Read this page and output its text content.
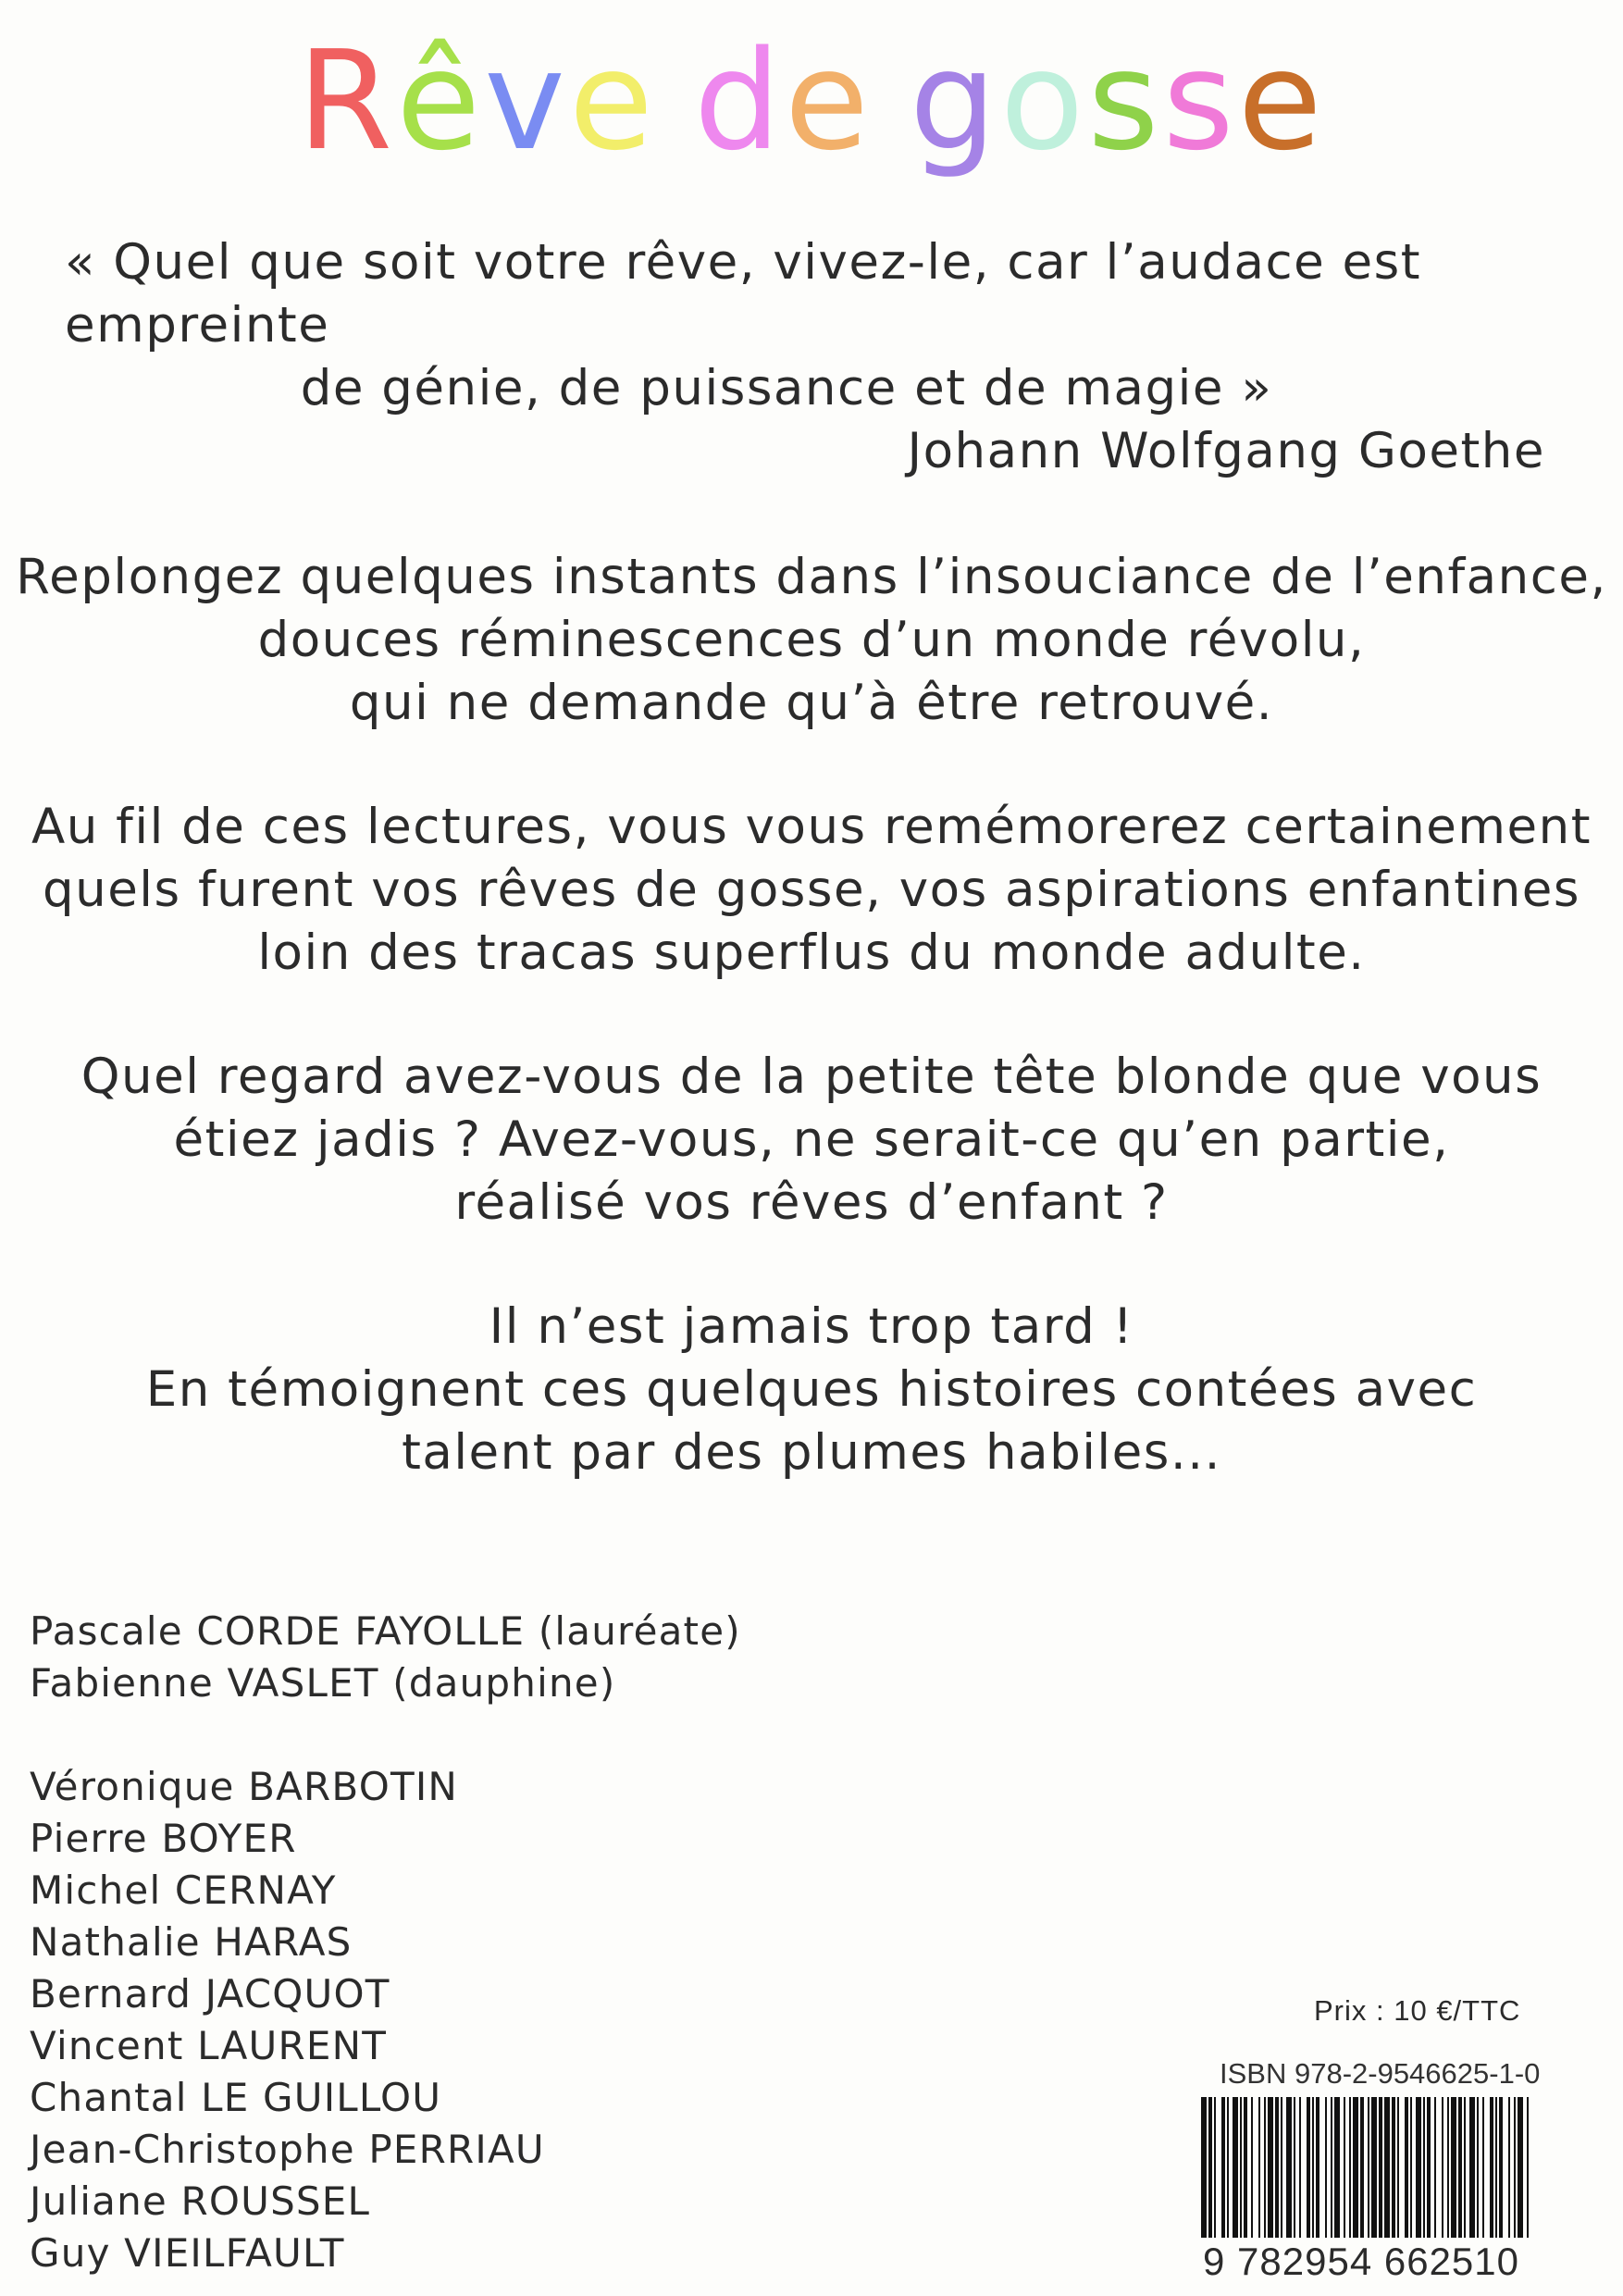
Rêve de gosse
« Quel que soit votre rêve, vivez-le, car l’audace est empreinte
de génie, de puissance et de magie »
Johann Wolfgang Goethe
Replongez quelques instants dans l’insouciance de l’enfance,
douces réminescences d’un monde révolu,
qui ne demande qu’à être retrouvé.
Au fil de ces lectures, vous vous remémorerez certainement
quels furent vos rêves de gosse, vos aspirations enfantines
loin des tracas superflus du monde adulte.
Quel regard avez-vous de la petite tête blonde que vous
étiez jadis ? Avez-vous, ne serait-ce qu’en partie,
réalisé vos rêves d’enfant ?
Il n’est jamais trop tard !
En témoignent ces quelques histoires contées avec
talent par des plumes habiles...
Pascale CORDE FAYOLLE (lauréate)
Fabienne VASLET (dauphine)
Véronique BARBOTIN
Pierre BOYER
Michel CERNAY
Nathalie HARAS
Bernard JACQUOT
Vincent LAURENT
Chantal LE GUILLOU
Jean-Christophe PERRIAU
Juliane ROUSSEL
Guy VIEILFAULT
Prix : 10 €/TTC
ISBN 978-2-9546625-1-0
9 782954 662510
